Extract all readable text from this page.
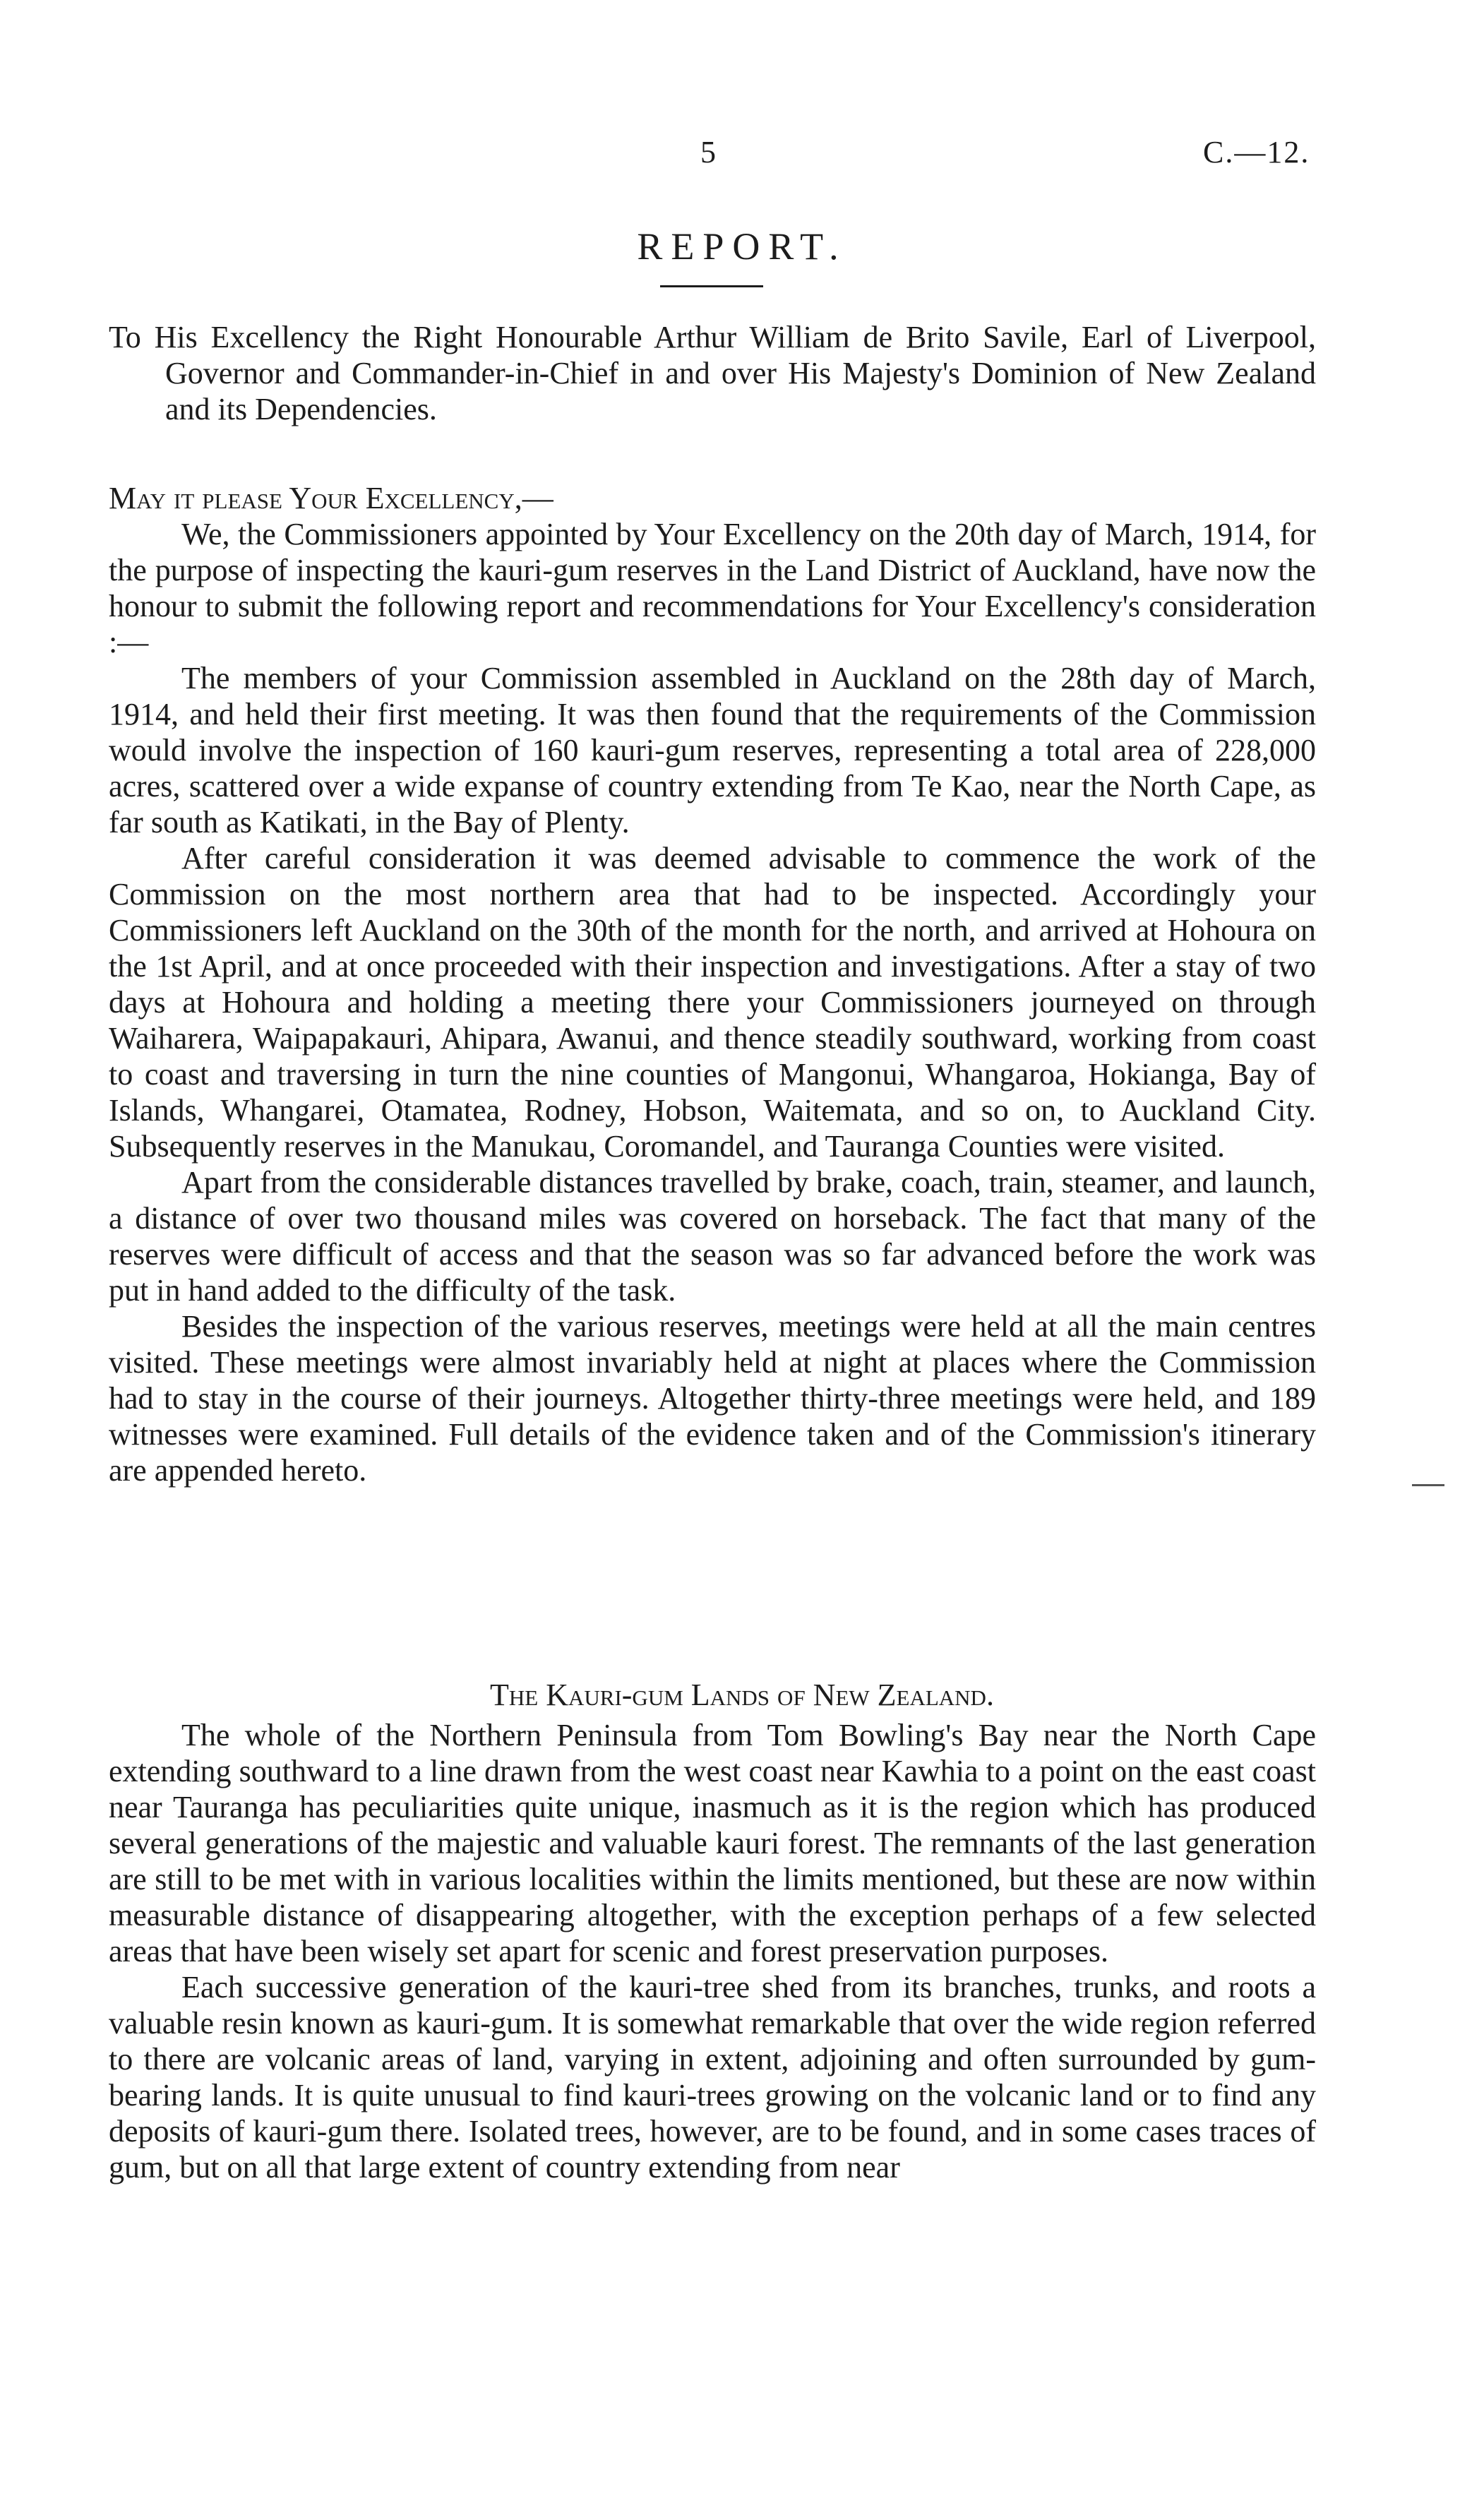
5	C.—12.
REPORT.
To His Excellency the Right Honourable Arthur William de Brito Savile, Earl of Liverpool, Governor and Commander-in-Chief in and over His Majesty's Dominion of New Zealand and its Dependencies.
May it please Your Excellency,—

We, the Commissioners appointed by Your Excellency on the 20th day of March, 1914, for the purpose of inspecting the kauri-gum reserves in the Land District of Auckland, have now the honour to submit the following report and recommendations for Your Excellency's consideration :—

The members of your Commission assembled in Auckland on the 28th day of March, 1914, and held their first meeting. It was then found that the requirements of the Commission would involve the inspection of 160 kauri-gum reserves, representing a total area of 228,000 acres, scattered over a wide expanse of country extending from Te Kao, near the North Cape, as far south as Katikati, in the Bay of Plenty.

After careful consideration it was deemed advisable to commence the work of the Commission on the most northern area that had to be inspected. Accordingly your Commissioners left Auckland on the 30th of the month for the north, and arrived at Hohoura on the 1st April, and at once proceeded with their inspection and investigations. After a stay of two days at Hohoura and holding a meeting there your Commissioners journeyed on through Waiharera, Waipapakauri, Ahipara, Awanui, and thence steadily southward, working from coast to coast and traversing in turn the nine counties of Mangonui, Whangaroa, Hokianga, Bay of Islands, Whangarei, Otamatea, Rodney, Hobson, Waitemata, and so on, to Auckland City. Subsequently reserves in the Manukau, Coromandel, and Tauranga Counties were visited.

Apart from the considerable distances travelled by brake, coach, train, steamer, and launch, a distance of over two thousand miles was covered on horseback. The fact that many of the reserves were difficult of access and that the season was so far advanced before the work was put in hand added to the difficulty of the task.

Besides the inspection of the various reserves, meetings were held at all the main centres visited. These meetings were almost invariably held at night at places where the Commission had to stay in the course of their journeys. Altogether thirty-three meetings were held, and 189 witnesses were examined. Full details of the evidence taken and of the Commission's itinerary are appended hereto.

The Kauri-gum Lands of New Zealand.

The whole of the Northern Peninsula from Tom Bowling's Bay near the North Cape extending southward to a line drawn from the west coast near Kawhia to a point on the east coast near Tauranga has peculiarities quite unique, inasmuch as it is the region which has produced several generations of the majestic and valuable kauri forest. The remnants of the last generation are still to be met with in various localities within the limits mentioned, but these are now within measurable distance of disappearing altogether, with the exception perhaps of a few selected areas that have been wisely set apart for scenic and forest preservation purposes.

Each successive generation of the kauri-tree shed from its branches, trunks, and roots a valuable resin known as kauri-gum. It is somewhat remarkable that over the wide region referred to there are volcanic areas of land, varying in extent, adjoining and often surrounded by gum-bearing lands. It is quite unusual to find kauri-trees growing on the volcanic land or to find any deposits of kauri-gum there. Isolated trees, however, are to be found, and in some cases traces of gum, but on all that large extent of country extending from near
